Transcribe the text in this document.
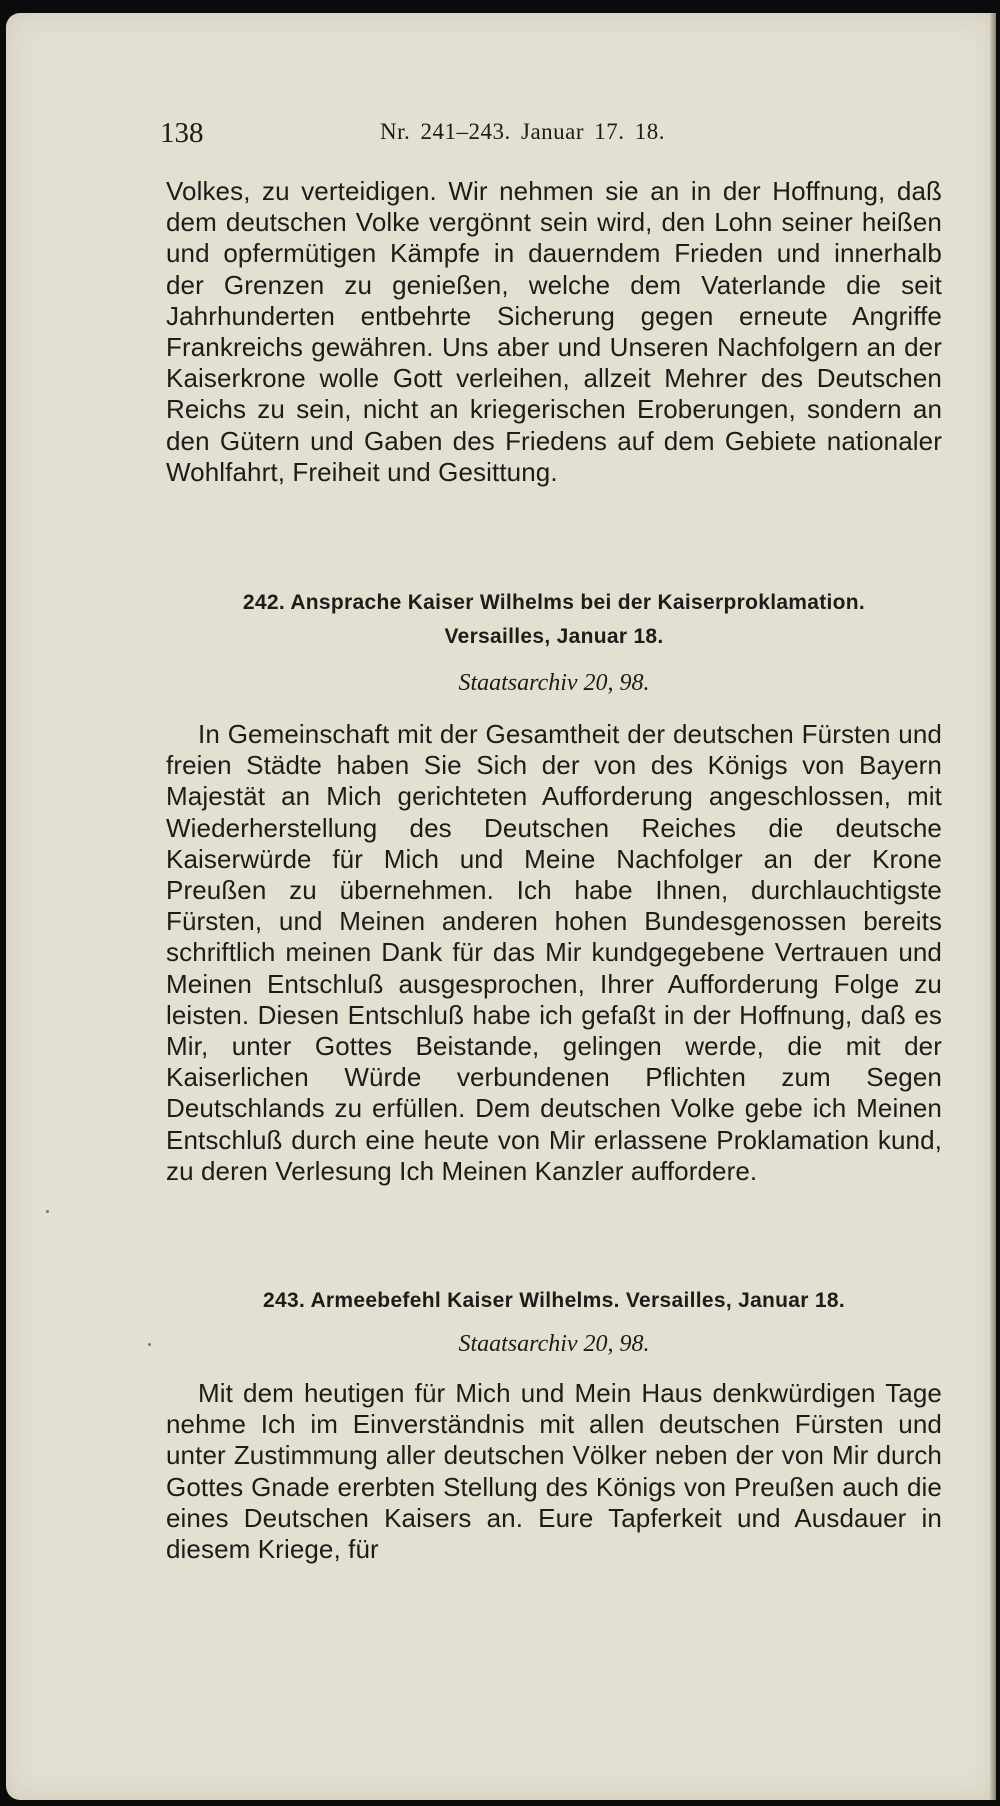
138	Nr. 241–243. Januar 17. 18.

Volkes, zu verteidigen. Wir nehmen sie an in der Hoffnung, daß dem deutschen Volke vergönnt sein wird, den Lohn seiner heißen und opfermütigen Kämpfe in dauerndem Frieden und innerhalb der Grenzen zu genießen, welche dem Vaterlande die seit Jahrhunderten entbehrte Sicherung gegen erneute Angriffe Frankreichs gewähren. Uns aber und Unseren Nachfolgern an der Kaiserkrone wolle Gott verleihen, allzeit Mehrer des Deutschen Reichs zu sein, nicht an kriegerischen Eroberungen, sondern an den Gütern und Gaben des Friedens auf dem Gebiete nationaler Wohlfahrt, Freiheit und Gesittung.

242. Ansprache Kaiser Wilhelms bei der Kaiserproklamation.
Versailles, Januar 18.
Staatsarchiv 20, 98.

In Gemeinschaft mit der Gesamtheit der deutschen Fürsten und freien Städte haben Sie Sich der von des Königs von Bayern Majestät an Mich gerichteten Aufforderung angeschlossen, mit Wiederherstellung des Deutschen Reiches die deutsche Kaiserwürde für Mich und Meine Nachfolger an der Krone Preußen zu übernehmen. Ich habe Ihnen, durchlauchtigste Fürsten, und Meinen anderen hohen Bundesgenossen bereits schriftlich meinen Dank für das Mir kundgegebene Vertrauen und Meinen Entschluß ausgesprochen, Ihrer Aufforderung Folge zu leisten. Diesen Entschluß habe ich gefaßt in der Hoffnung, daß es Mir, unter Gottes Beistande, gelingen werde, die mit der Kaiserlichen Würde verbundenen Pflichten zum Segen Deutschlands zu erfüllen. Dem deutschen Volke gebe ich Meinen Entschluß durch eine heute von Mir erlassene Proklamation kund, zu deren Verlesung Ich Meinen Kanzler auffordere.

243. Armeebefehl Kaiser Wilhelms. Versailles, Januar 18.
Staatsarchiv 20, 98.

Mit dem heutigen für Mich und Mein Haus denkwürdigen Tage nehme Ich im Einverständnis mit allen deutschen Fürsten und unter Zustimmung aller deutschen Völker neben der von Mir durch Gottes Gnade ererbten Stellung des Königs von Preußen auch die eines Deutschen Kaisers an. Eure Tapferkeit und Ausdauer in diesem Kriege, für
